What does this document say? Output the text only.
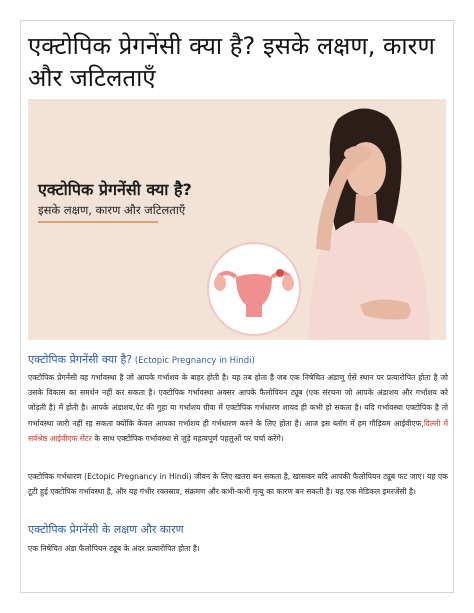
एक्टोपिक प्रेगनेंसी क्या है? इसके लक्षण, कारण और जटिलताएँ
एक्टोपिक प्रेगनेंसी क्या है?

इसके लक्षण, कारण और जटिलताएँ

एक्टोपिक प्रेगनेंसी क्या है? (Ectopic Pregnancy in Hindi)

एक्टोपिक प्रेगनेंसी वह गर्भावस्था है जो आपके गर्भाशय के बाहर होती है। यह तब होता है जब एक निषेचित अंडाणु ऐसे स्थान पर प्रत्यारोपित होता है जो उसके विकास का समर्थन नहीं कर सकता है। एक्टोपिक गर्भावस्था अक्सर आपके फैलोपियन ट्यूब (एक संरचना जो आपके अंडाशय और गर्भाशय को जोड़ती है) में होती है। आपके अंडाशय,पेट की गुहा या गर्भाशय ग्रीवा में एक्टोपिक गर्भधारण शायद ही कभी हो सकता है। यदि गर्भावस्था एक्टोपिक है तो गर्भावस्था जारी नहीं रह सकता क्योंकि केवल आपका गर्भाशय ही गर्भधारण करने के लिए होता है। आज इस ब्लॉग में हम गौड़ियम आईवीएफ,दिल्ली में सर्वश्रेष्ठ आईवीएफ सेंटर के साथ एक्टोपिक गर्भावस्था से जुड़े महत्वपूर्ण पहलुओं पर चर्चा करेंगे।

एक्टोपिक गर्भधारण (Ectopic Pregnancy in Hindi) जीवन के लिए खतरा बन सकता है, खासकर यदि आपकी फैलोपियन ट्यूब फट जाए। यह एक टूटी हुई एक्टोपिक गर्भावस्था है, और यह गंभीर रक्तस्राव, संक्रमण और कभी-कभी मृत्यु का कारण बन सकती है। यह एक मेडिकल इमरजेंसी है।

एक्टोपिक प्रेगनेंसी के लक्षण और कारण

एक निषेचित अंडा फैलोपियन ट्यूब के अंदर प्रत्यारोपित होता है।
